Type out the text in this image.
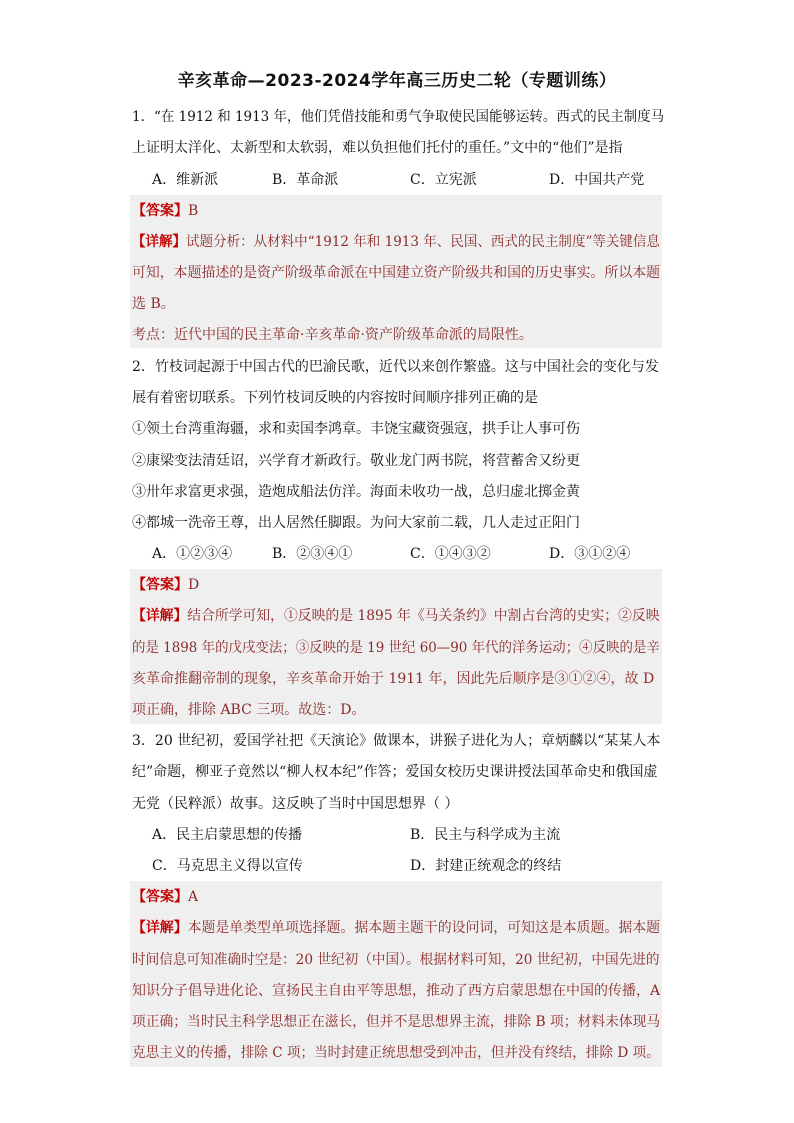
辛亥革命—2023-2024学年高三历史二轮（专题训练）
1．“在 1912 和 1913 年，他们凭借技能和勇气争取使民国能够运转。西式的民主制度马
上证明太洋化、太新型和太软弱，难以负担他们托付的重任。”文中的“他们”是指
A．维新派	B．革命派	C．立宪派	D．中国共产党
【答案】B
【详解】试题分析：从材料中“1912 年和 1913 年、民国、西式的民主制度”等关键信息
可知，本题描述的是资产阶级革命派在中国建立资产阶级共和国的历史事实。所以本题
选 B。
考点：近代中国的民主革命·辛亥革命·资产阶级革命派的局限性。
2．竹枝词起源于中国古代的巴渝民歌，近代以来创作繁盛。这与中国社会的变化与发
展有着密切联系。下列竹枝词反映的内容按时间顺序排列正确的是
①领土台湾重海疆，求和卖国李鸿章。丰饶宝藏资强寇，拱手让人事可伤
②康梁变法清廷诏，兴学育才新政行。敬业龙门两书院，将营蓄舍又纷更
③卅年求富更求强，造炮成船法仿洋。海面未收功一战，总归虚北掷金黄
④都城一洗帝王尊，出人居然任脚跟。为问大家前二载，几人走过正阳门
A．①②③④	B．②③④①	C．①④③②	D．③①②④
【答案】D
【详解】结合所学可知，①反映的是 1895 年《马关条约》中割占台湾的史实；②反映
的是 1898 年的戊戌变法；③反映的是 19 世纪 60—90 年代的洋务运动；④反映的是辛
亥革命推翻帝制的现象，辛亥革命开始于 1911 年，因此先后顺序是③①②④，故 D
项正确，排除 ABC 三项。故选：D。
3．20 世纪初，爱国学社把《天演论》做课本，讲猴子进化为人；章炳麟以“某某人本
纪”命题，柳亚子竟然以“柳人权本纪”作答；爱国女校历史课讲授法国革命史和俄国虚
无党（民粹派）故事。这反映了当时中国思想界（ ）
A．民主启蒙思想的传播	B．民主与科学成为主流
C．马克思主义得以宣传	D．封建正统观念的终结
【答案】A
【详解】本题是单类型单项选择题。据本题主题干的设问词，可知这是本质题。据本题
时间信息可知准确时空是：20 世纪初（中国）。根据材料可知，20 世纪初，中国先进的
知识分子倡导进化论、宣扬民主自由平等思想，推动了西方启蒙思想在中国的传播，A
项正确；当时民主科学思想正在滋长，但并不是思想界主流，排除 B 项；材料未体现马
克思主义的传播，排除 C 项；当时封建正统思想受到冲击，但并没有终结，排除 D 项。
